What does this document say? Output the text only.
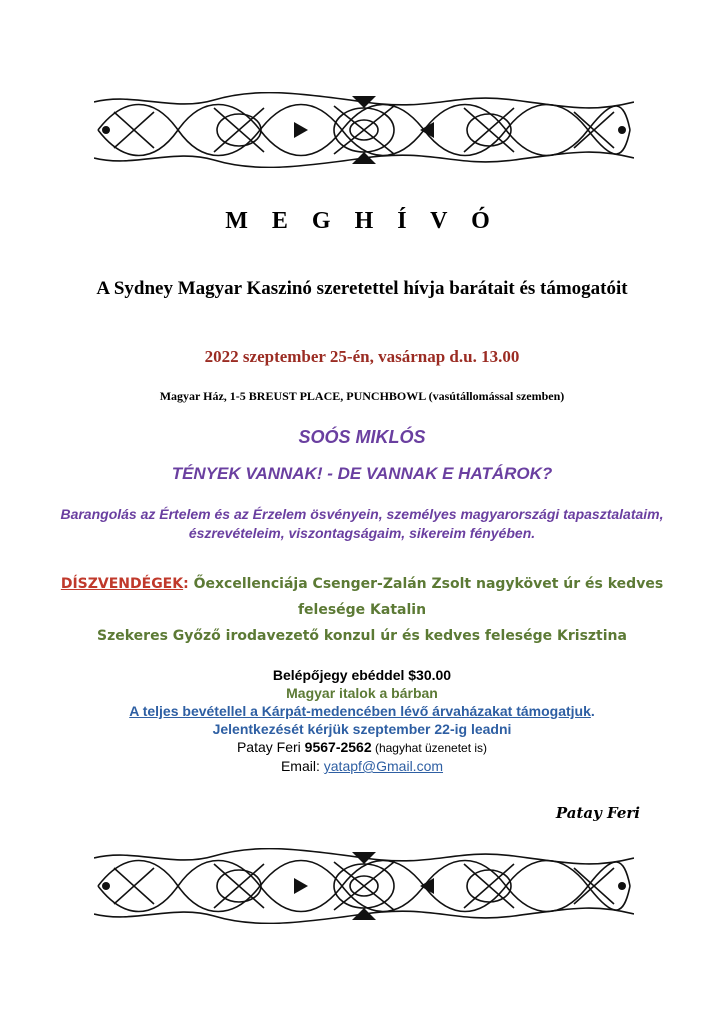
M E G H Í V Ó
A Sydney Magyar Kaszinó szeretettel hívja barátait és támogatóit
2022 szeptember 25-én, vasárnap d.u. 13.00
Magyar Ház, 1-5 BREUST PLACE, PUNCHBOWL (vasútállomással szemben)
SOÓS MIKLÓS
TÉNYEK VANNAK! - DE VANNAK E HATÁROK?
Barangolás az Értelem és az Érzelem ösvényein, személyes magyarországi tapasztalataim, észrevételeim, viszontagságaim, sikereim fényében.
DÍSZVENDÉGEK: Őexcellenciája Csenger-Zalán Zsolt nagykövet úr és kedves felesége Katalin
Szekeres Győző irodavezető konzul úr és kedves felesége Krisztina
Belépőjegy ebéddel $30.00
Magyar italok a bárban
A teljes bevétellel a Kárpát-medencében lévő árvaházakat támogatjuk.
Jelentkezését kérjük szeptember 22-ig leadni
Patay Feri 9567-2562 (hagyhat üzenetet is)
Email: yatapf@Gmail.com
Patay Feri
